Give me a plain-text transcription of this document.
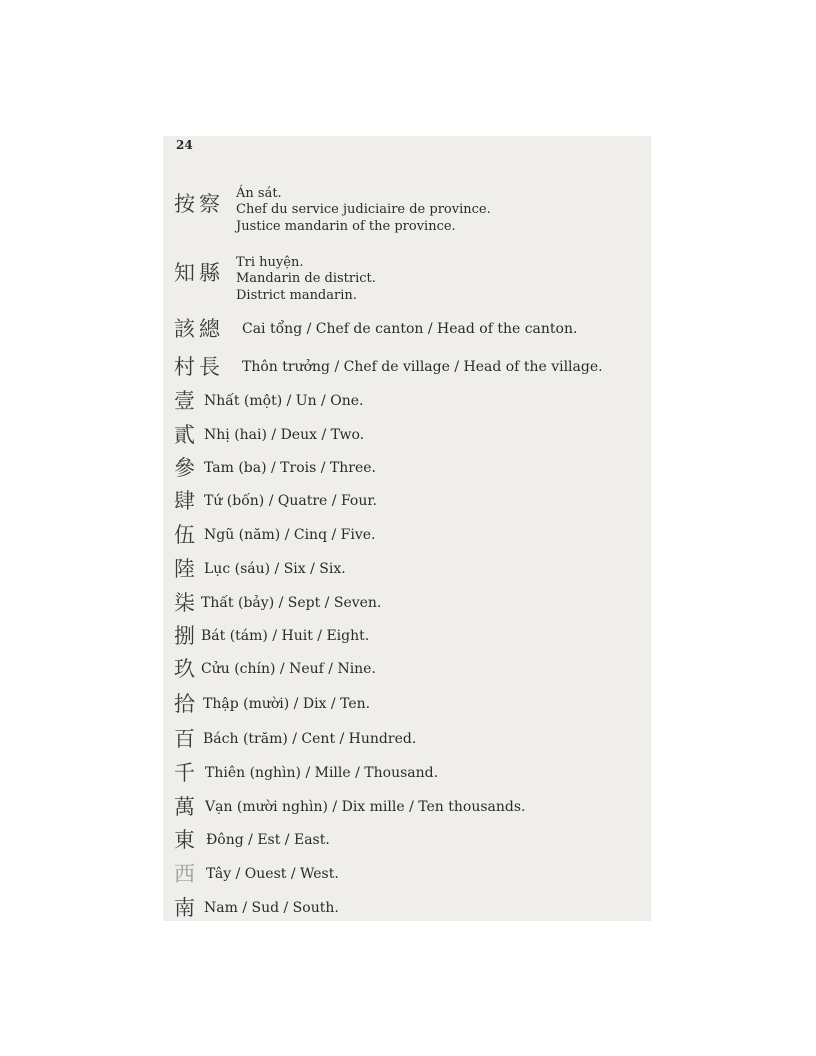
24
按察 Án sát.
Chef du service judiciaire de province.
Justice mandarin of the province.
知縣 Tri huyện.
Mandarin de district.
District mandarin.
該總 Cai tổng / Chef de canton / Head of the canton.
村長 Thôn trưởng / Chef de village / Head of the village.
壹 Nhất (một) / Un / One.
貳 Nhị (hai) / Deux / Two.
參 Tam (ba) / Trois / Three.
肆 Tứ (bốn) / Quatre / Four.
伍 Ngũ (năm) / Cinq / Five.
陸 Lục (sáu) / Six / Six.
柒 Thất (bảy) / Sept / Seven.
捌 Bát (tám) / Huit / Eight.
玖 Cửu (chín) / Neuf / Nine.
拾 Thập (mười) / Dix / Ten.
百 Bách (trăm) / Cent / Hundred.
千 Thiên (nghìn) / Mille / Thousand.
萬 Vạn (mười nghìn) / Dix mille / Ten thousands.
東 Đông / Est / East.
西 Tây / Ouest / West.
南 Nam / Sud / South.
